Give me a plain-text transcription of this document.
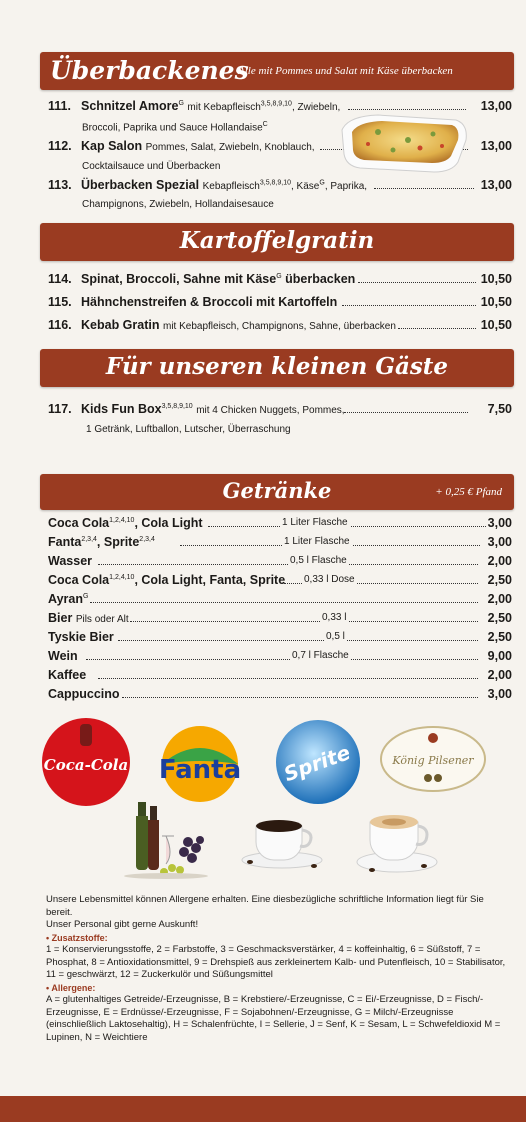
Überbackenes
Alle mit Pommes und Salat mit Käse überbacken
111. Schnitzel Amore$^G$ mit Kebapfleisch$^{3,5,8,9,10}$, Zwiebeln,	13,00
Broccoli, Paprika und Sauce Hollandaise$^C$
112. Kap Salon Pommes, Salat, Zwiebeln, Knoblauch,	13,00
Cocktailsauce und Überbacken
113. Überbacken Spezial Kebapfleisch$^{3,5,8,9,10}$, Käse$^G$, Paprika,	13,00
Champignons, Zwiebeln, Hollandaisesauce
Kartoffelgratin
114. Spinat, Broccoli, Sahne mit Käse$^G$ überbacken	10,50
115. Hähnchenstreifen & Broccoli mit Kartoffeln	10,50
116. Kebab Gratin mit Kebapfleisch, Champignons, Sahne, überbacken	10,50
Für unseren kleinen Gäste
117. Kids Fun Box$^{3,5,8,9,10}$ mit 4 Chicken Nuggets, Pommes,	7,50
1 Getränk, Luftballon, Lutscher, Überraschung
Getränke	+ 0,25 € Pfand
Coca Cola$^{1,2,4,10}$, Cola Light	1 Liter Flasche	3,00
Fanta$^{2,3,4}$, Sprite$^{2,3,4}$	1 Liter Flasche	3,00
Wasser	0,5 l Flasche	2,00
Coca Cola$^{1,2,4,10}$, Cola Light, Fanta, Sprite 0,33 l Dose	2,50
Ayran$^G$	2,00
Bier Pils oder Alt	0,33 l	2,50
Tyskie Bier	0,5 l	2,50
Wein	0,7 l Flasche	9,00
Kaffee	2,00
Cappuccino	3,00
Coca-Cola Fanta Sprite	König Pilsener
Unsere Lebensmittel können Allergene erhalten. Eine diesbezügliche schriftliche Information liegt für Sie bereit.
Unser Personal gibt gerne Auskunft!
• Zusatzstoffe:
1 = Konservierungsstoffe, 2 = Farbstoffe, 3 = Geschmacksverstärker, 4 = koffeinhaltig, 6 = Süßstoff, 7 = Phosphat, 8 = Antioxidationsmittel, 9 = Drehspieß aus zerkleinertem Kalb- und Putenfleisch, 10 = Stabilisator, 11 = geschwärzt, 12 = Zuckerkulör und Süßungsmittel
• Allergene:
A = glutenhaltiges Getreide/-Erzeugnisse, B = Krebstiere/-Erzeugnisse, C = Ei/-Erzeugnisse, D = Fisch/-Erzeugnisse, E = Erdnüsse/-Erzeugnisse, F = Sojabohnen/-Erzeugnisse, G = Milch/-Erzeugnisse (einschließlich Laktosehaltig), H = Schalenfrüchte, I = Sellerie, J = Senf, K = Sesam, L = Schwefeldioxid M = Lupinen, N = Weichtiere
